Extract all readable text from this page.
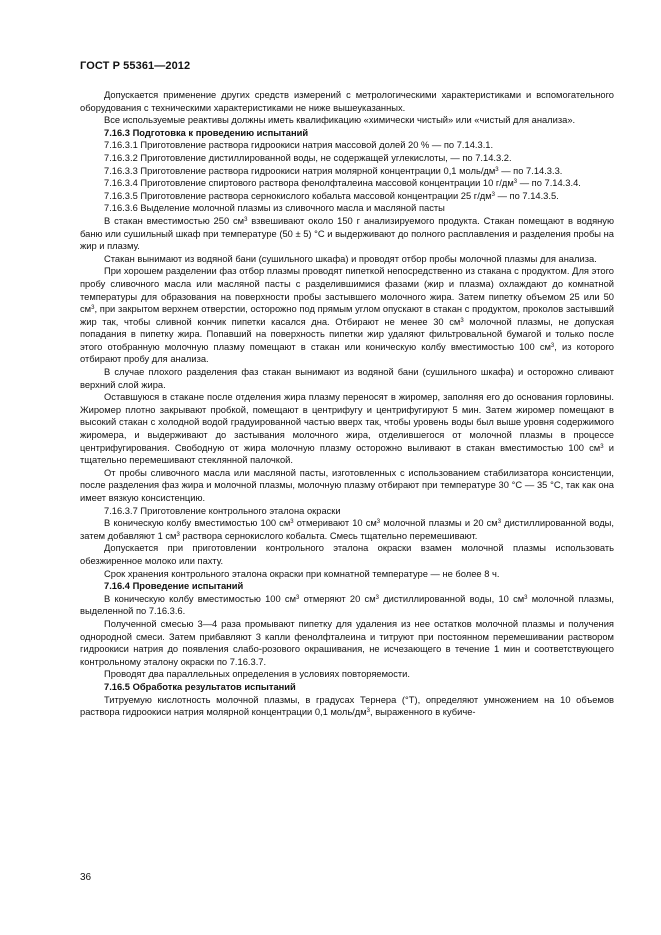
ГОСТ Р 55361—2012

Допускается применение других средств измерений с метрологическими характеристиками и вспомогательного оборудования с техническими характеристиками не ниже вышеуказанных.

Все используемые реактивы должны иметь квалификацию «химически чистый» или «чистый для анализа».

7.16.3 Подготовка к проведению испытаний

7.16.3.1 Приготовление раствора гидроокиси натрия массовой долей 20 % — по 7.14.3.1.

7.16.3.2 Приготовление дистиллированной воды, не содержащей углекислоты, — по 7.14.3.2.

7.16.3.3 Приготовление раствора гидроокиси натрия молярной концентрации 0,1 моль/$дм^3$ — по 7.14.3.3.

7.16.3.4 Приготовление спиртового раствора фенолфталеина массовой концентрации 10 $г/дм^3$ — по 7.14.3.4.

7.16.3.5 Приготовление раствора сернокислого кобальта массовой концентрации 25 $г/дм^3$ — по 7.14.3.5.

7.16.3.6 Выделение молочной плазмы из сливочного масла и масляной пасты

В стакан вместимостью 250 $см^3$ взвешивают около 150 г анализируемого продукта. Стакан помещают в водяную баню или сушильный шкаф при температуре (50 ± 5) °С и выдерживают до полного расплавления и разделения пробы на жир и плазму.

Стакан вынимают из водяной бани (сушильного шкафа) и проводят отбор пробы молочной плазмы для анализа.

При хорошем разделении фаз отбор плазмы проводят пипеткой непосредственно из стакана с продуктом. Для этого пробу сливочного масла или масляной пасты с разделившимися фазами (жир и плазма) охлаждают до комнатной температуры для образования на поверхности пробы застывшего молочного жира. Затем пипетку объемом 25 или 50 $см^3$, при закрытом верхнем отверстии, осторожно под прямым углом опускают в стакан с продуктом, проколов застывший жир так, чтобы сливной кончик пипетки касался дна. Отбирают не менее 30 $см^3$ молочной плазмы, не допуская попадания в пипетку жира. Попавший на поверхность пипетки жир удаляют фильтровальной бумагой и только после этого отобранную молочную плазму помещают в стакан или коническую колбу вместимостью 100 $см^3$, из которого отбирают пробу для анализа.

В случае плохого разделения фаз стакан вынимают из водяной бани (сушильного шкафа) и осторожно сливают верхний слой жира.

Оставшуюся в стакане после отделения жира плазму переносят в жиромер, заполняя его до основания горловины. Жиромер плотно закрывают пробкой, помещают в центрифугу и центрифугируют 5 мин. Затем жиромер помещают в высокий стакан с холодной водой градуированной частью вверх так, чтобы уровень воды был выше уровня содержимого жиромера, и выдерживают до застывания молочного жира, отделившегося от молочной плазмы в процессе центрифугирования. Свободную от жира молочную плазму осторожно выливают в стакан вместимостью 100 $см^3$ и тщательно перемешивают стеклянной палочкой.

От пробы сливочного масла или масляной пасты, изготовленных с использованием стабилизатора консистенции, после разделения фаз жира и молочной плазмы, молочную плазму отбирают при температуре 30 °С — 35 °С, так как она имеет вязкую консистенцию.

7.16.3.7 Приготовление контрольного эталона окраски

В коническую колбу вместимостью 100 $см^3$ отмеривают 10 $см^3$ молочной плазмы и 20 $см^3$ дистиллированной воды, затем добавляют 1 $см^3$ раствора сернокислого кобальта. Смесь тщательно перемешивают.

Допускается при приготовлении контрольного эталона окраски взамен молочной плазмы использовать обезжиренное молоко или пахту.

Срок хранения контрольного эталона окраски при комнатной температуре — не более 8 ч.

7.16.4 Проведение испытаний

В коническую колбу вместимостью 100 $см^3$ отмеряют 20 $см^3$ дистиллированной воды, 10 $см^3$ молочной плазмы, выделенной по 7.16.3.6.

Полученной смесью 3—4 раза промывают пипетку для удаления из нее остатков молочной плазмы и получения однородной смеси. Затем прибавляют 3 капли фенолфталеина и титруют при постоянном перемешивании раствором гидроокиси натрия до появления слабо-розового окрашивания, не исчезающего в течение 1 мин и соответствующего контрольному эталону окраски по 7.16.3.7.

Проводят два параллельных определения в условиях повторяемости.

7.16.5 Обработка результатов испытаний

Титруемую кислотность молочной плазмы, в градусах Тернера (°Т), определяют умножением на 10 объемов раствора гидроокиси натрия молярной концентрации 0,1 моль/$дм^3$, выраженного в кубиче-

36
